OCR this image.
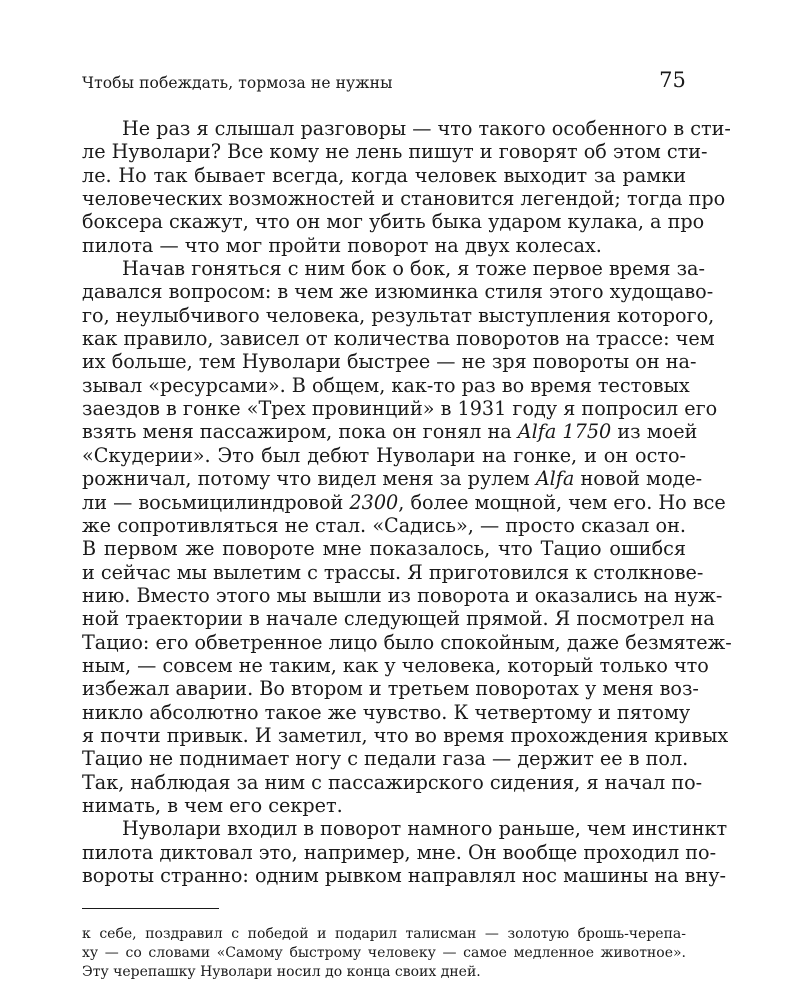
Чтобы побеждать, тормоза не нужны	75
Не раз я слышал разговоры — что такого особенного в сти-
ле Нуволари? Все кому не лень пишут и говорят об этом сти-
ле. Но так бывает всегда, когда человек выходит за рамки
человеческих возможностей и становится легендой; тогда про
боксера скажут, что он мог убить быка ударом кулака, а про
пилота — что мог пройти поворот на двух колесах.
Начав гоняться с ним бок о бок, я тоже первое время за-
давался вопросом: в чем же изюминка стиля этого худощаво-
го, неулыбчивого человека, результат выступления которого,
как правило, зависел от количества поворотов на трассе: чем
их больше, тем Нуволари быстрее — не зря повороты он на-
зывал «ресурсами». В общем, как-то раз во время тестовых
заездов в гонке «Трех провинций» в 1931 году я попросил его
взять меня пассажиром, пока он гонял на Alfa 1750 из моей
«Скудерии». Это был дебют Нуволари на гонке, и он осто-
рожничал, потому что видел меня за рулем Alfa новой моде-
ли — восьмицилиндровой 2300, более мощной, чем его. Но все
же сопротивляться не стал. «Садись», — просто сказал он.
В первом же повороте мне показалось, что Тацио ошибся
и сейчас мы вылетим с трассы. Я приготовился к столкнове-
нию. Вместо этого мы вышли из поворота и оказались на нуж-
ной траектории в начале следующей прямой. Я посмотрел на
Тацио: его обветренное лицо было спокойным, даже безмятеж-
ным, — совсем не таким, как у человека, который только что
избежал аварии. Во втором и третьем поворотах у меня воз-
никло абсолютно такое же чувство. К четвертому и пятому
я почти привык. И заметил, что во время прохождения кривых
Тацио не поднимает ногу с педали газа — держит ее в пол.
Так, наблюдая за ним с пассажирского сидения, я начал по-
нимать, в чем его секрет.
Нуволари входил в поворот намного раньше, чем инстинкт
пилота диктовал это, например, мне. Он вообще проходил по-
вороты странно: одним рывком направлял нос машины на вну-
к себе, поздравил с победой и подарил талисман — золотую брошь-черепа-
ху — со словами «Самому быстрому человеку — самое медленное животное».
Эту черепашку Нуволари носил до конца своих дней.
